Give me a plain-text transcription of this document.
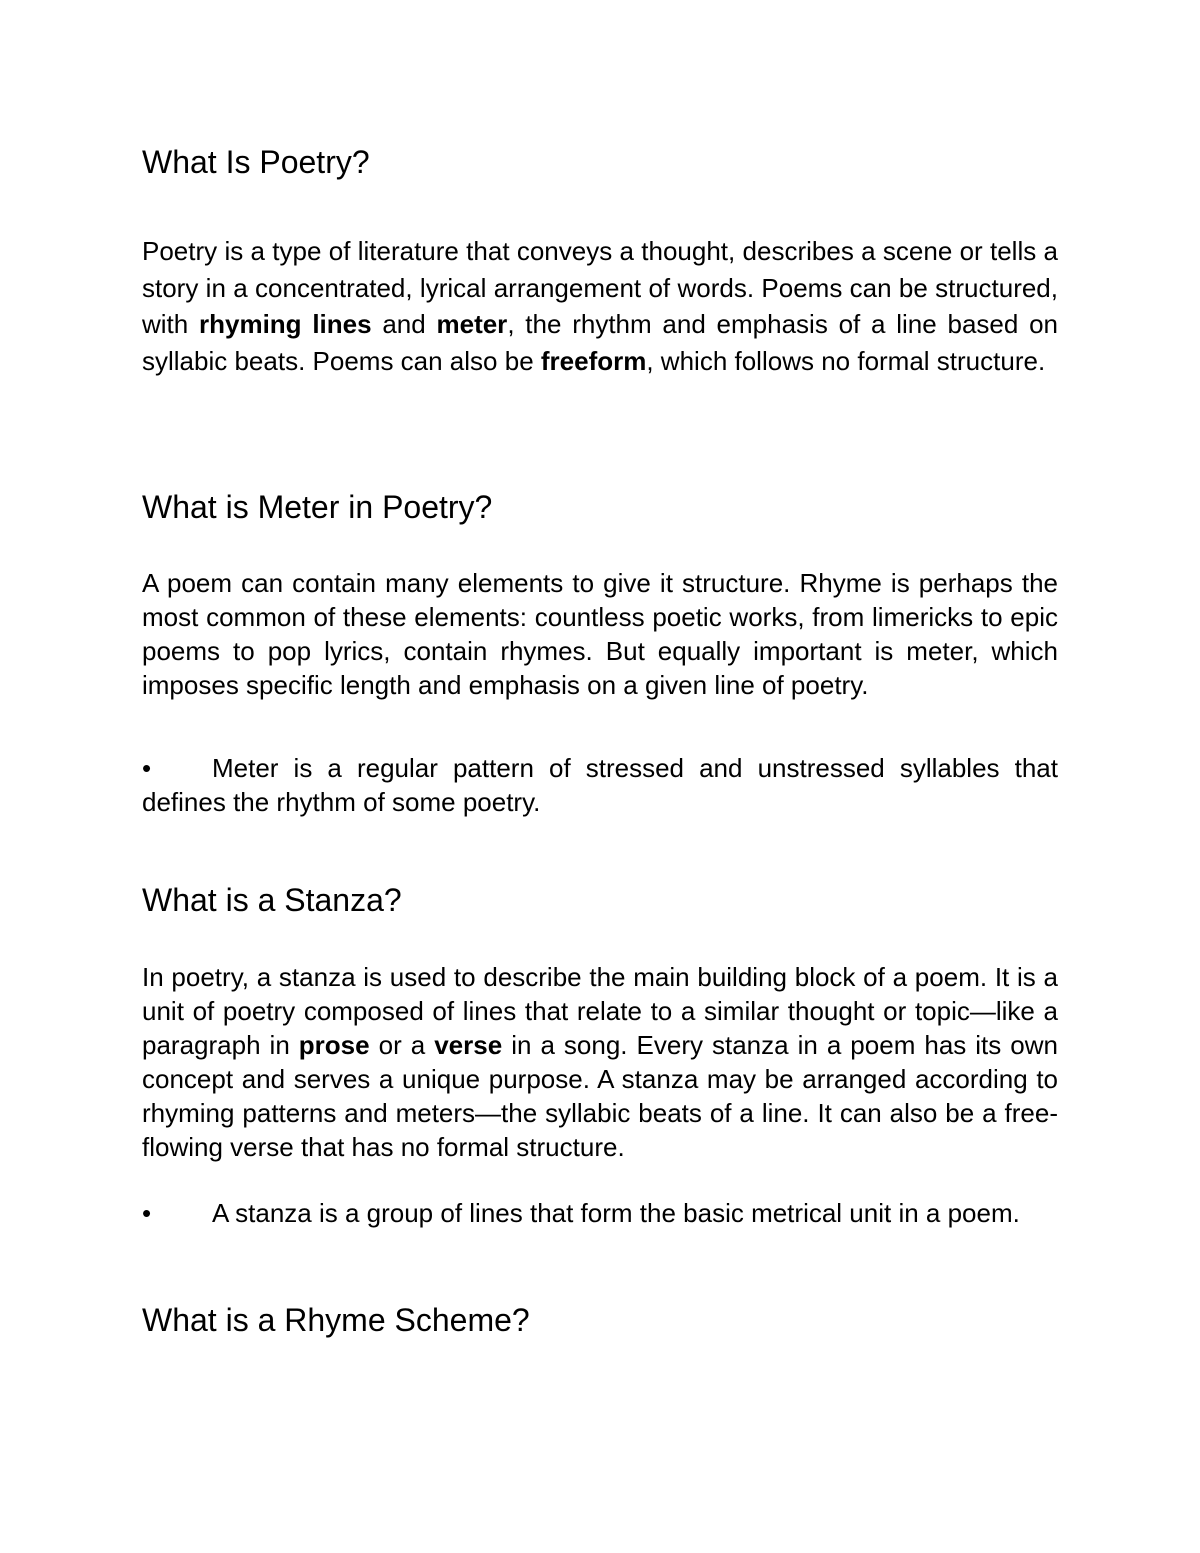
What Is Poetry?

Poetry is a type of literature that conveys a thought, describes a scene or tells a story in a concentrated, lyrical arrangement of words. Poems can be structured, with rhyming lines and meter, the rhythm and emphasis of a line based on syllabic beats. Poems can also be freeform, which follows no formal structure.

What is Meter in Poetry?

A poem can contain many elements to give it structure. Rhyme is perhaps the most common of these elements: countless poetic works, from limericks to epic poems to pop lyrics, contain rhymes. But equally important is meter, which imposes specific length and emphasis on a given line of poetry.

• Meter is a regular pattern of stressed and unstressed syllables that defines the rhythm of some poetry.

What is a Stanza?

In poetry, a stanza is used to describe the main building block of a poem. It is a unit of poetry composed of lines that relate to a similar thought or topic—like a paragraph in prose or a verse in a song. Every stanza in a poem has its own concept and serves a unique purpose. A stanza may be arranged according to rhyming patterns and meters—the syllabic beats of a line. It can also be a free-flowing verse that has no formal structure.

• A stanza is a group of lines that form the basic metrical unit in a poem.

What is a Rhyme Scheme?
